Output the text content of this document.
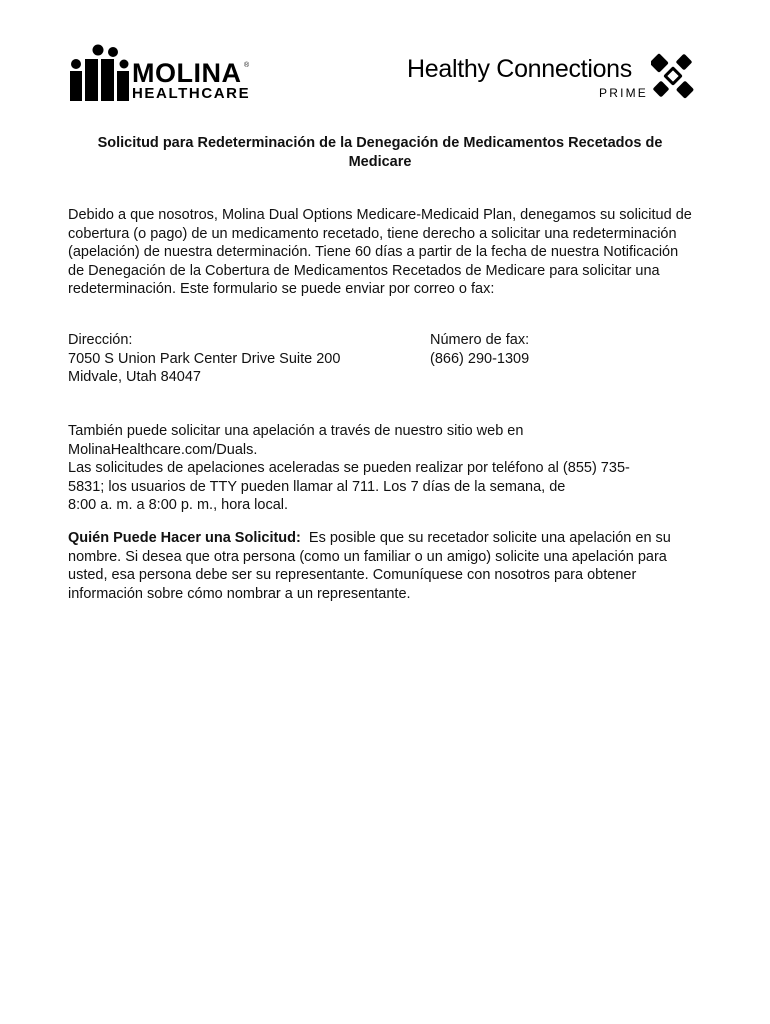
MOLINA ®
HEALTHCARE
Healthy Connections
PRIME
Solicitud para Redeterminación de la Denegación de Medicamentos Recetados de Medicare

Debido a que nosotros, Molina Dual Options Medicare-Medicaid Plan, denegamos su solicitud de cobertura (o pago) de un medicamento recetado, tiene derecho a solicitar una redeterminación (apelación) de nuestra determinación. Tiene 60 días a partir de la fecha de nuestra Notificación de Denegación de la Cobertura de Medicamentos Recetados de Medicare para solicitar una redeterminación. Este formulario se puede enviar por correo o fax:

Dirección:
7050 S Union Park Center Drive Suite 200
Midvale, Utah 84047
Número de fax:
(866) 290-1309
También puede solicitar una apelación a través de nuestro sitio web en
MolinaHealthcare.com/Duals.
Las solicitudes de apelaciones aceleradas se pueden realizar por teléfono al (855) 735-
5831; los usuarios de TTY pueden llamar al 711. Los 7 días de la semana, de
8:00 a. m. a 8:00 p. m., hora local.

Quién Puede Hacer una Solicitud: Es posible que su recetador solicite una apelación en su nombre. Si desea que otra persona (como un familiar o un amigo) solicite una apelación para usted, esa persona debe ser su representante. Comuníquese con nosotros para obtener información sobre cómo nombrar a un representante.
